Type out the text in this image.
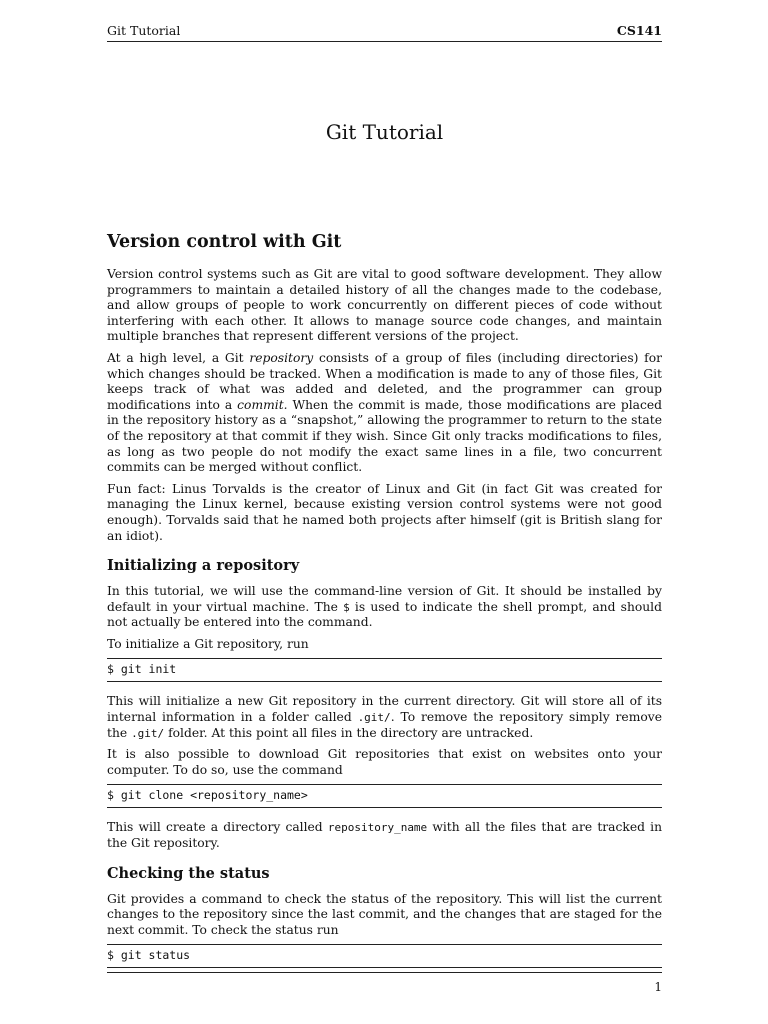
Git Tutorial	CS141
Git Tutorial
Version control with Git

Version control systems such as Git are vital to good software development. They allow programmers to maintain a detailed history of all the changes made to the codebase, and allow groups of people to work concurrently on different pieces of code without interfering with each other. It allows to manage source code changes, and maintain multiple branches that represent different versions of the project.

At a high level, a Git repository consists of a group of files (including directories) for which changes should be tracked. When a modification is made to any of those files, Git keeps track of what was added and deleted, and the programmer can group modifications into a commit. When the commit is made, those modifications are placed in the repository history as a “snapshot,” allowing the programmer to return to the state of the repository at that commit if they wish. Since Git only tracks modifications to files, as long as two people do not modify the exact same lines in a file, two concurrent commits can be merged without conflict.

Fun fact: Linus Torvalds is the creator of Linux and Git (in fact Git was created for managing the Linux kernel, because existing version control systems were not good enough). Torvalds said that he named both projects after himself (git is British slang for an idiot).

Initializing a repository

In this tutorial, we will use the command-line version of Git. It should be installed by default in your virtual machine. The $ is used to indicate the shell prompt, and should not actually be entered into the command.

To initialize a Git repository, run

$ git init

This will initialize a new Git repository in the current directory. Git will store all of its internal information in a folder called .git/. To remove the repository simply remove the .git/ folder. At this point all files in the directory are untracked.

It is also possible to download Git repositories that exist on websites onto your computer. To do so, use the command

$ git clone <repository_name>

This will create a directory called repository_name with all the files that are tracked in the Git repository.

Checking the status

Git provides a command to check the status of the repository. This will list the current changes to the repository since the last commit, and the changes that are staged for the next commit. To check the status run

$ git status
1
